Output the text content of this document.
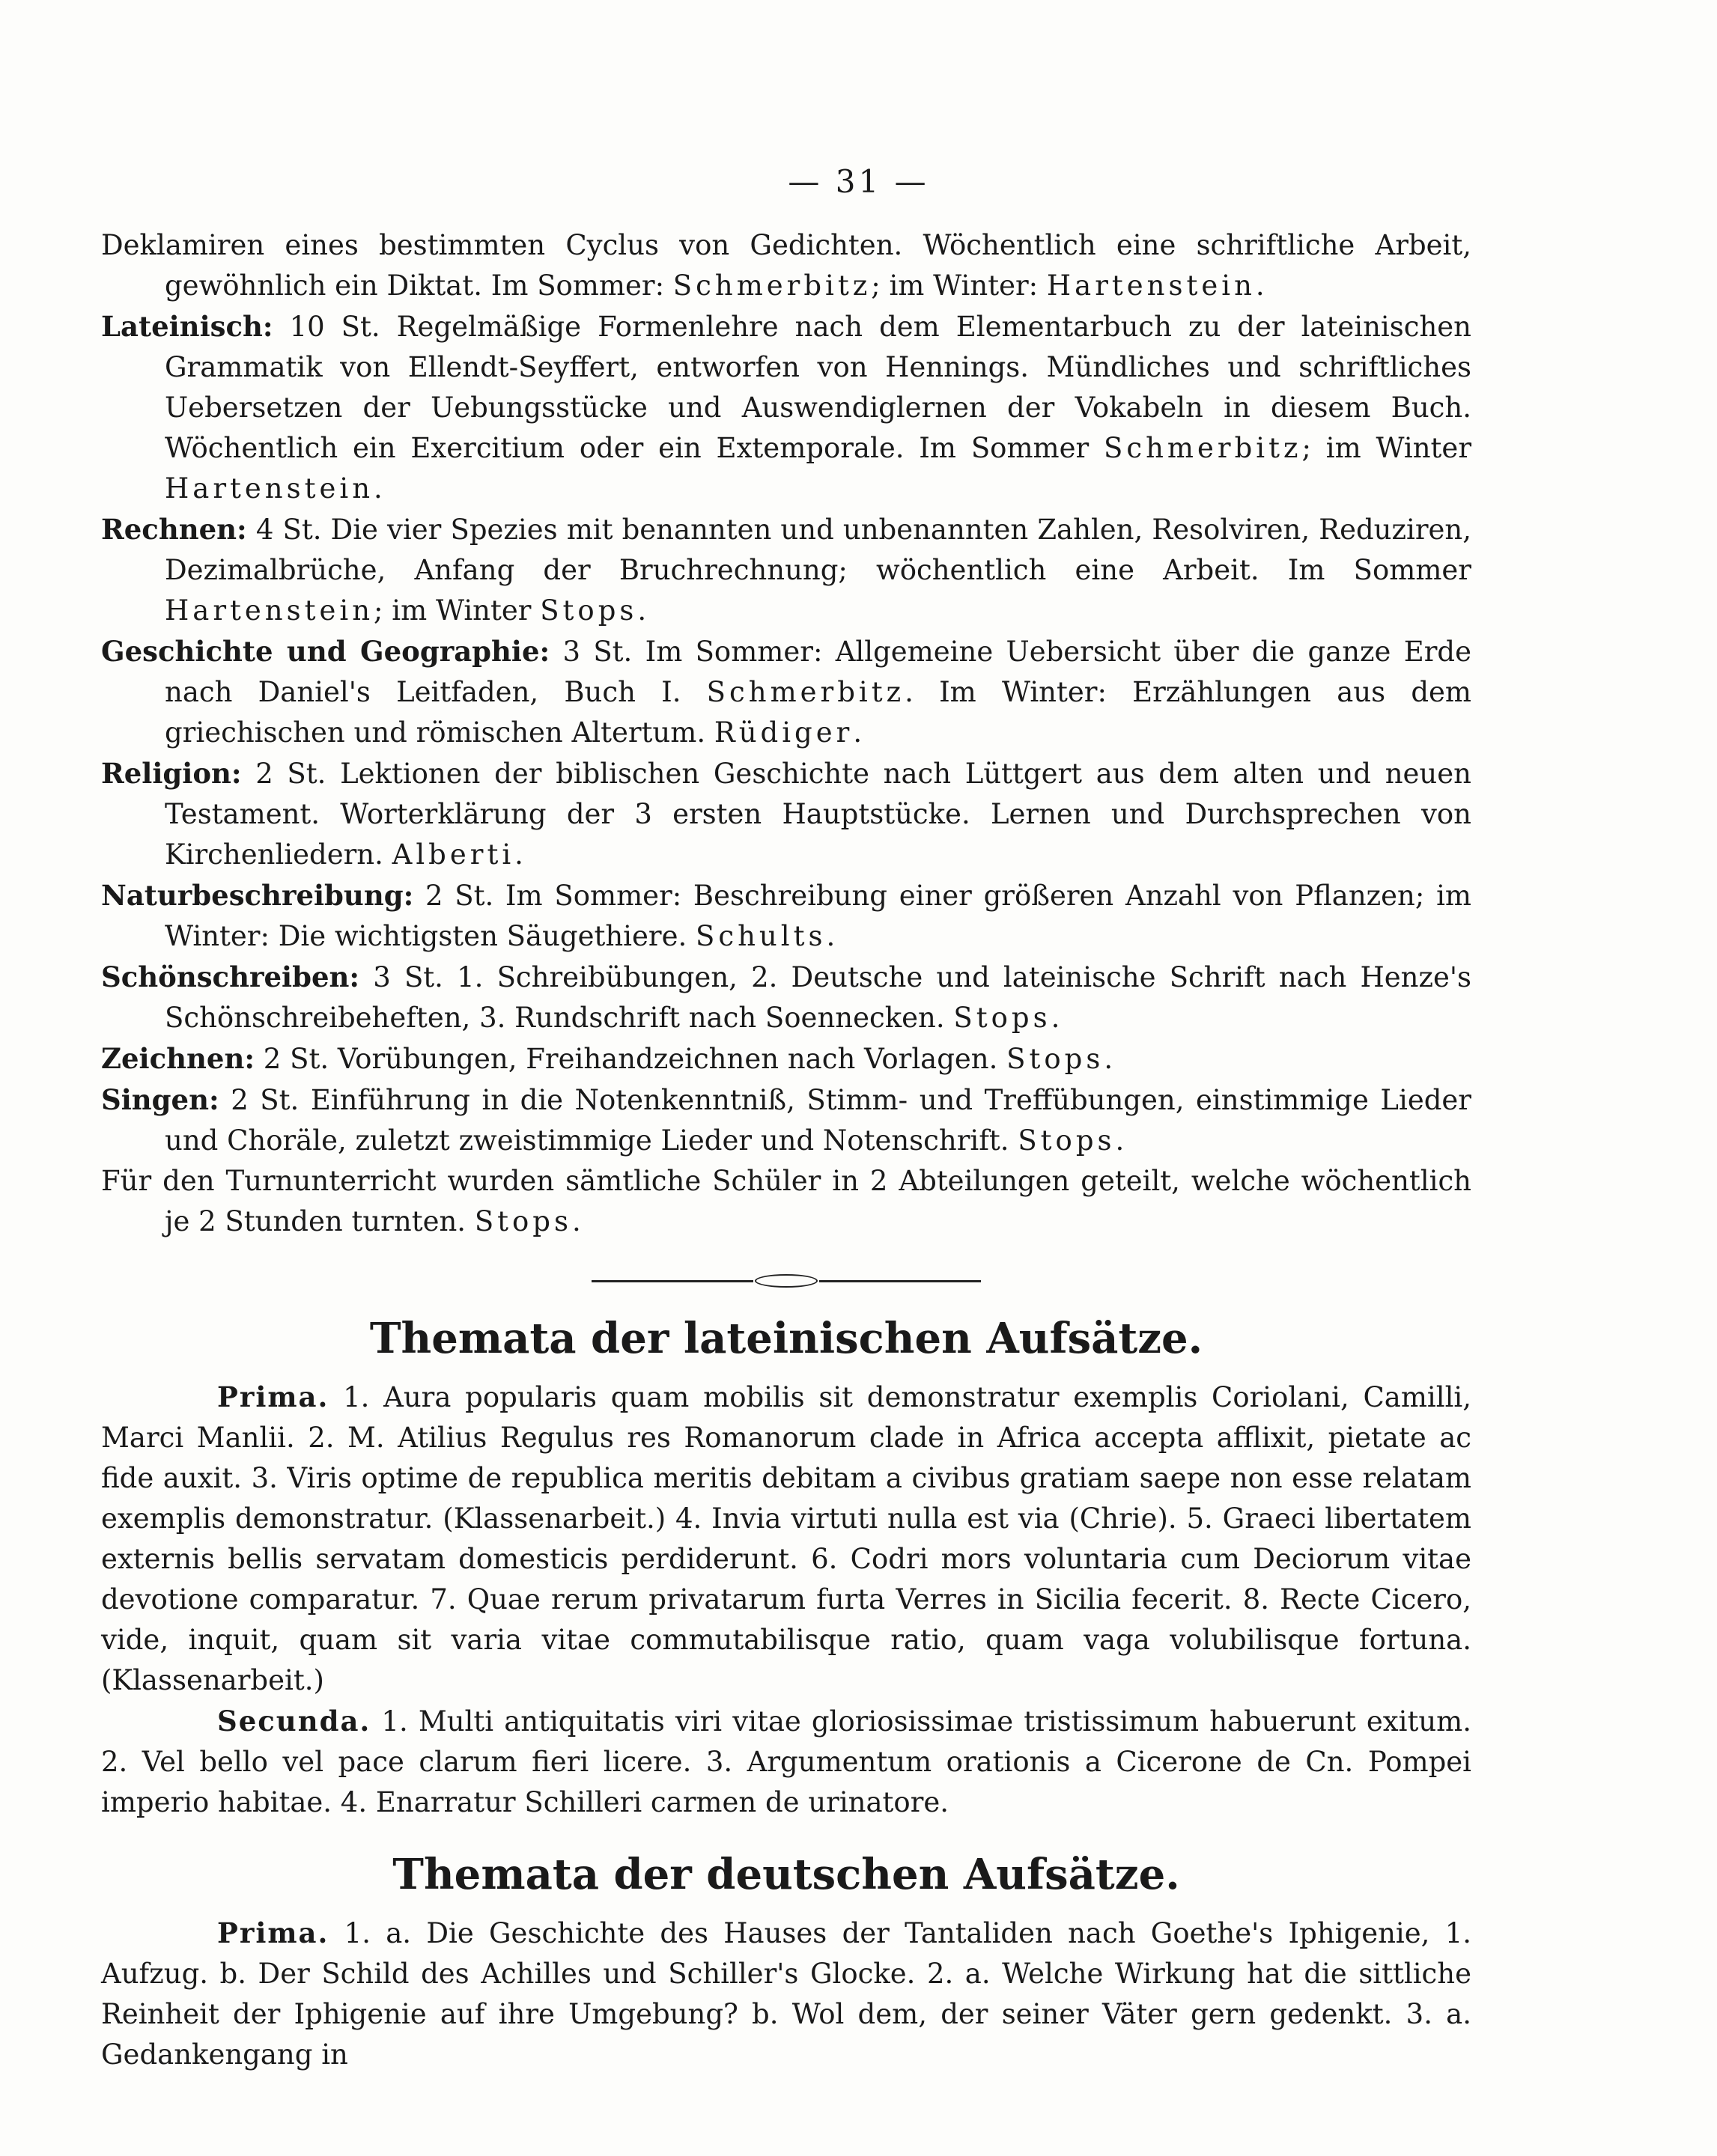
— 31 —
Deklamiren eines bestimmten Cyclus von Gedichten. Wöchentlich eine schriftliche Arbeit, gewöhnlich ein Diktat. Im Sommer: Schmerbitz; im Winter: Hartenstein.
Lateinisch: 10 St. Regelmäßige Formenlehre nach dem Elementarbuch zu der lateinischen Grammatik von Ellendt-Seyffert, entworfen von Hennings. Mündliches und schriftliches Uebersetzen der Uebungsstücke und Auswendiglernen der Vokabeln in diesem Buch. Wöchentlich ein Exercitium oder ein Extemporale. Im Sommer Schmerbitz; im Winter Hartenstein.
Rechnen: 4 St. Die vier Spezies mit benannten und unbenannten Zahlen, Resolviren, Reduziren, Dezimalbrüche, Anfang der Bruchrechnung; wöchentlich eine Arbeit. Im Sommer Hartenstein; im Winter Stops.
Geschichte und Geographie: 3 St. Im Sommer: Allgemeine Uebersicht über die ganze Erde nach Daniel's Leitfaden, Buch I. Schmerbitz. Im Winter: Erzählungen aus dem griechischen und römischen Altertum. Rüdiger.
Religion: 2 St. Lektionen der biblischen Geschichte nach Lüttgert aus dem alten und neuen Testament. Worterklärung der 3 ersten Hauptstücke. Lernen und Durchsprechen von Kirchenliedern. Alberti.
Naturbeschreibung: 2 St. Im Sommer: Beschreibung einer größeren Anzahl von Pflanzen; im Winter: Die wichtigsten Säugethiere. Schults.
Schönschreiben: 3 St. 1. Schreibübungen, 2. Deutsche und lateinische Schrift nach Henze's Schönschreibeheften, 3. Rundschrift nach Soennecken. Stops.
Zeichnen: 2 St. Vorübungen, Freihandzeichnen nach Vorlagen. Stops.
Singen: 2 St. Einführung in die Notenkenntniß, Stimm- und Treffübungen, einstimmige Lieder und Choräle, zuletzt zweistimmige Lieder und Notenschrift. Stops.
Für den Turnunterricht wurden sämtliche Schüler in 2 Abteilungen geteilt, welche wöchentlich je 2 Stunden turnten. Stops.
Themata der lateinischen Aufsätze.

Prima. 1. Aura popularis quam mobilis sit demonstratur exemplis Coriolani, Camilli, Marci Manlii. 2. M. Atilius Regulus res Romanorum clade in Africa accepta afflixit, pietate ac fide auxit. 3. Viris optime de republica meritis debitam a civibus gratiam saepe non esse relatam exemplis demonstratur. (Klassenarbeit.) 4. Invia virtuti nulla est via (Chrie). 5. Graeci libertatem externis bellis servatam domesticis perdiderunt. 6. Codri mors voluntaria cum Deciorum vitae devotione comparatur. 7. Quae rerum privatarum furta Verres in Sicilia fecerit. 8. Recte Cicero, vide, inquit, quam sit varia vitae commutabilisque ratio, quam vaga volubilisque fortuna. (Klassenarbeit.)

Secunda. 1. Multi antiquitatis viri vitae gloriosissimae tristissimum habuerunt exitum. 2. Vel bello vel pace clarum fieri licere. 3. Argumentum orationis a Cicerone de Cn. Pompei imperio habitae. 4. Enarratur Schilleri carmen de urinatore.

Themata der deutschen Aufsätze.

Prima. 1. a. Die Geschichte des Hauses der Tantaliden nach Goethe's Iphigenie, 1. Aufzug. b. Der Schild des Achilles und Schiller's Glocke. 2. a. Welche Wirkung hat die sittliche Reinheit der Iphigenie auf ihre Umgebung? b. Wol dem, der seiner Väter gern gedenkt. 3. a. Gedankengang in
